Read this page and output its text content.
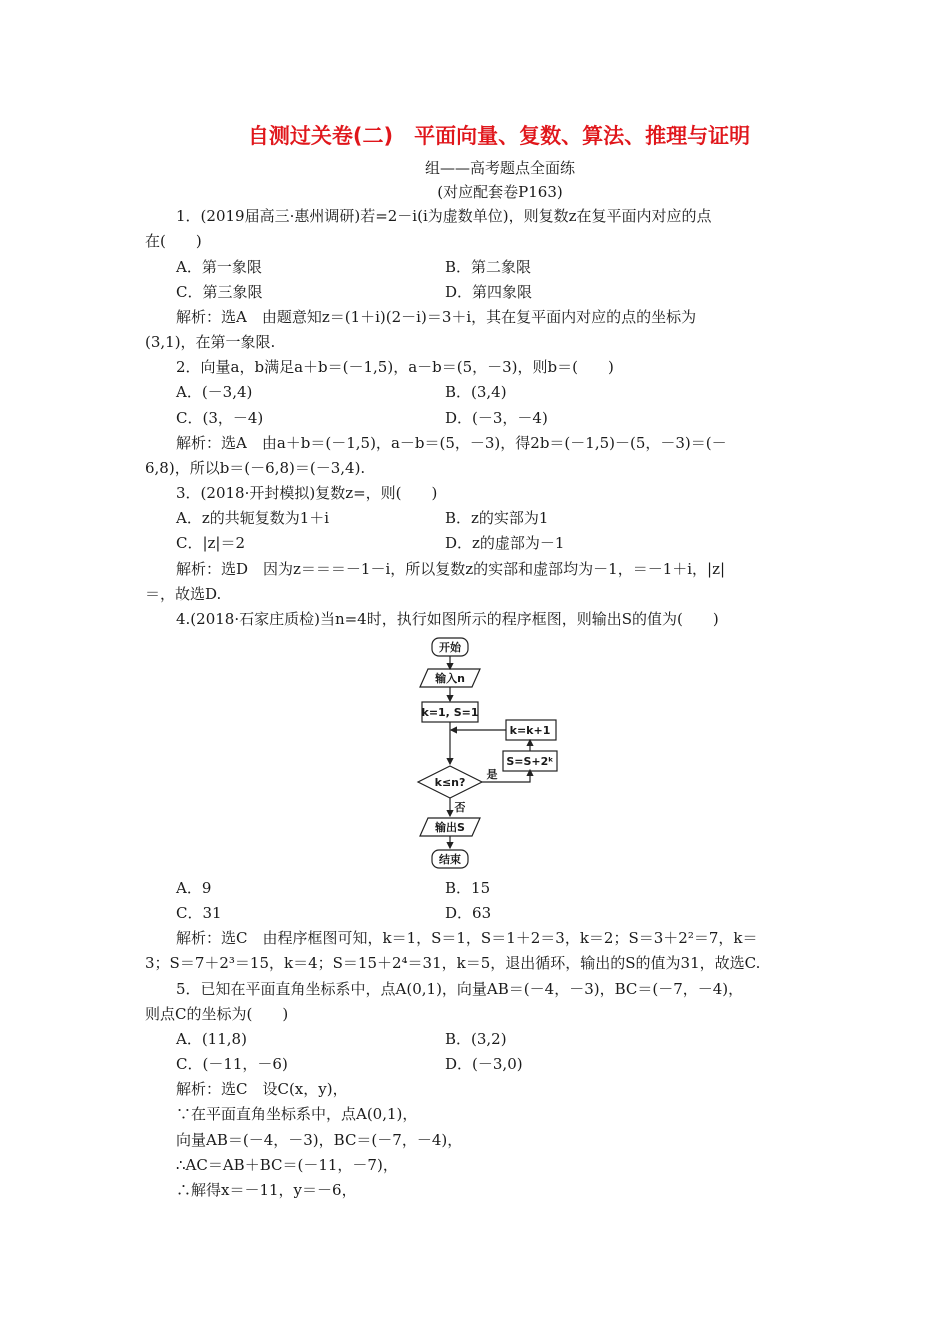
自测过关卷(二)　平面向量、复数、算法、推理与证明
组——高考题点全面练
(对应配套卷P163)
1．(2019届高三·惠州调研)若=2－i(i为虚数单位)，则复数z在复平面内对应的点
在(　　)
A．第一象限	B．第二象限
C．第三象限	D．第四象限
解析：选A　由题意知z＝(1＋i)(2－i)＝3＋i，其在复平面内对应的点的坐标为
(3,1)，在第一象限.
2．向量a，b满足a＋b＝(－1,5)，a－b＝(5，－3)，则b＝(　　)
A．(－3,4)	B．(3,4)
C．(3，－4)	D．(－3，－4)
解析：选A　由a＋b＝(－1,5)，a－b＝(5，－3)，得2b＝(－1,5)－(5，－3)＝(－
6,8)，所以b＝(－6,8)＝(－3,4).
3．(2018·开封模拟)复数z=，则(　　)
A．z的共轭复数为1＋i	B．z的实部为1
C．|z|＝2	D．z的虚部为－1
解析：选D　因为z＝＝＝－1－i，所以复数z的实部和虚部均为－1，＝－1＋i，|z|
＝，故选D.
4.(2018·石家庄质检)当n=4时，执行如图所示的程序框图，则输出S的值为(　　)
开始
输入n
k=1, S=1
k=k+1
S=S+2ᵏ
k≤n?
是
否
输出S
结束
A．9	B．15
C．31	D．63
解析：选C　由程序框图可知，k＝1，S＝1，S＝1＋2＝3，k＝2；S＝3＋2²＝7，k＝
3；S＝7＋2³＝15，k＝4；S＝15＋2⁴＝31，k＝5，退出循环，输出的S的值为31，故选C.
5．已知在平面直角坐标系中，点A(0,1)，向量AB＝(－4，－3)，BC＝(－7，－4)，
则点C的坐标为(　　)
A．(11,8)	B．(3,2)
C．(－11，－6)	D．(－3,0)
解析：选C　设C(x，y)，
∵在平面直角坐标系中，点A(0,1)，
向量AB＝(－4，－3)，BC＝(－7，－4)，
∴AC＝AB＋BC＝(－11，－7)，
∴解得x＝－11，y＝－6，
